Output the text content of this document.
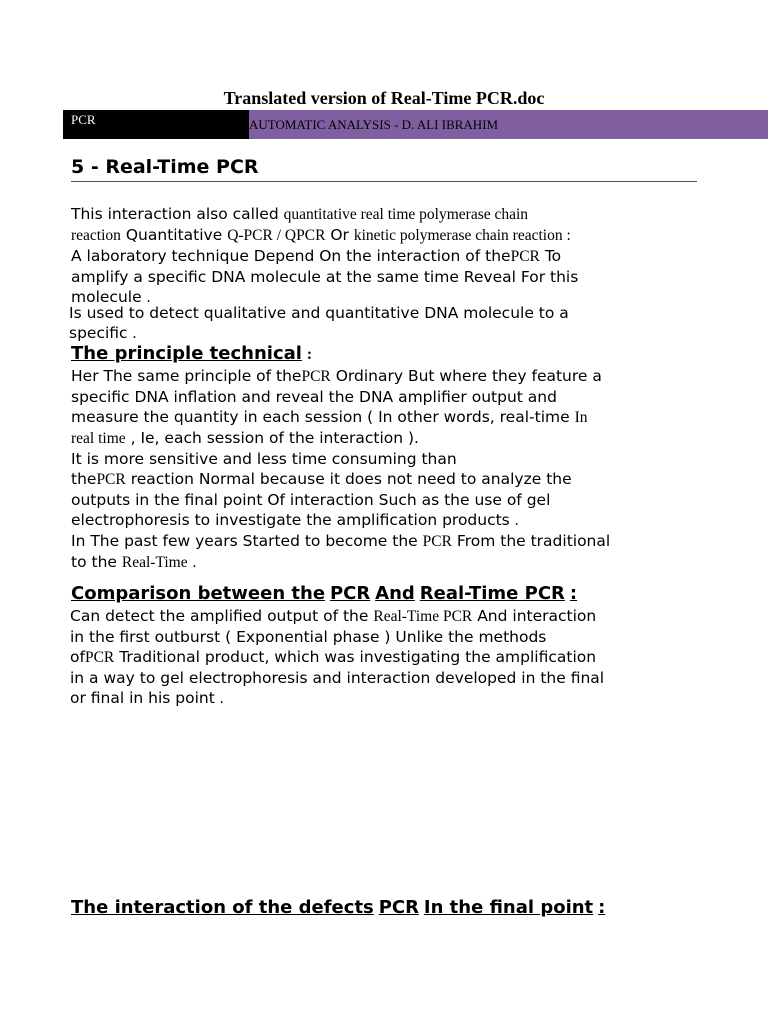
Translated version of Real-Time PCR.doc
PCR	AUTOMATIC ANALYSIS - D. ALI IBRAHIM
5 - Real-Time PCR

This interaction also called quantitative real time polymerase chain

reaction Quantitative Q-PCR / QPCR Or kinetic polymerase chain reaction :

A laboratory technique Depend On the interaction of thePCR To

amplify a specific DNA molecule at the same time Reveal For this

molecule .

Is used to detect qualitative and quantitative DNA molecule to a

specific .

The principle technical :

Her The same principle of thePCR Ordinary But where they feature a

specific DNA inflation and reveal the DNA amplifier output and

measure the quantity in each session ( In other words, real-time In

real time , Ie, each session of the interaction ).

It is more sensitive and less time consuming than

thePCR reaction Normal because it does not need to analyze the

outputs in the final point Of interaction Such as the use of gel

electrophoresis to investigate the amplification products .

In The past few years Started to become the PCR From the traditional

to the Real-Time .

Comparison between the PCR And Real-Time PCR :

Can detect the amplified output of the Real-Time PCR And interaction

in the first outburst ( Exponential phase ) Unlike the methods

ofPCR Traditional product, which was investigating the amplification

in a way to gel electrophoresis and interaction developed in the final

or final in his point .

The interaction of the defects PCR In the final point :
